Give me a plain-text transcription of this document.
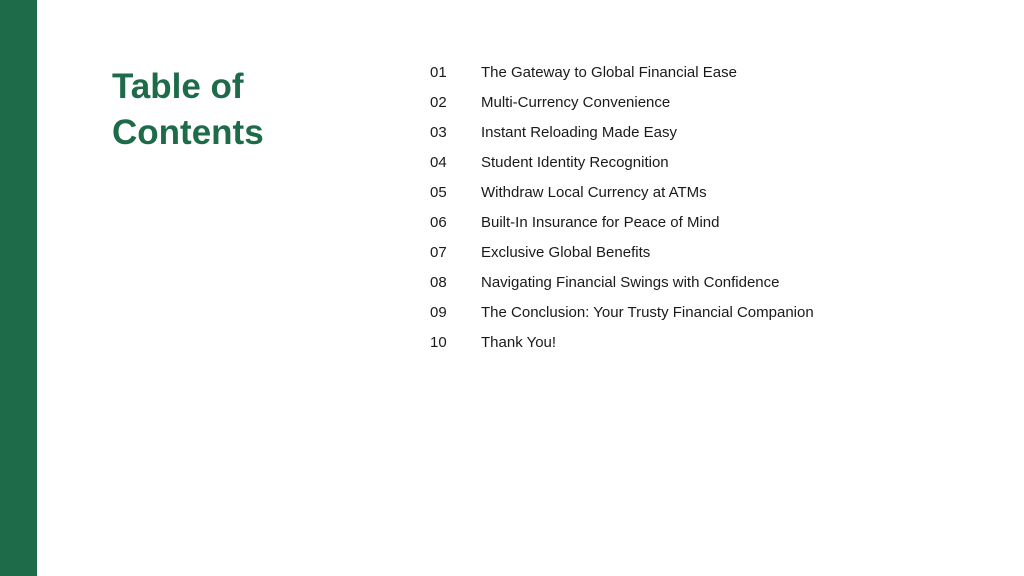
Table of
Contents
01	The Gateway to Global Financial Ease
02	Multi-Currency Convenience
03	Instant Reloading Made Easy
04	Student Identity Recognition
05	Withdraw Local Currency at ATMs
06	Built-In Insurance for Peace of Mind
07	Exclusive Global Benefits
08	Navigating Financial Swings with Confidence
09	The Conclusion: Your Trusty Financial Companion
10	Thank You!
